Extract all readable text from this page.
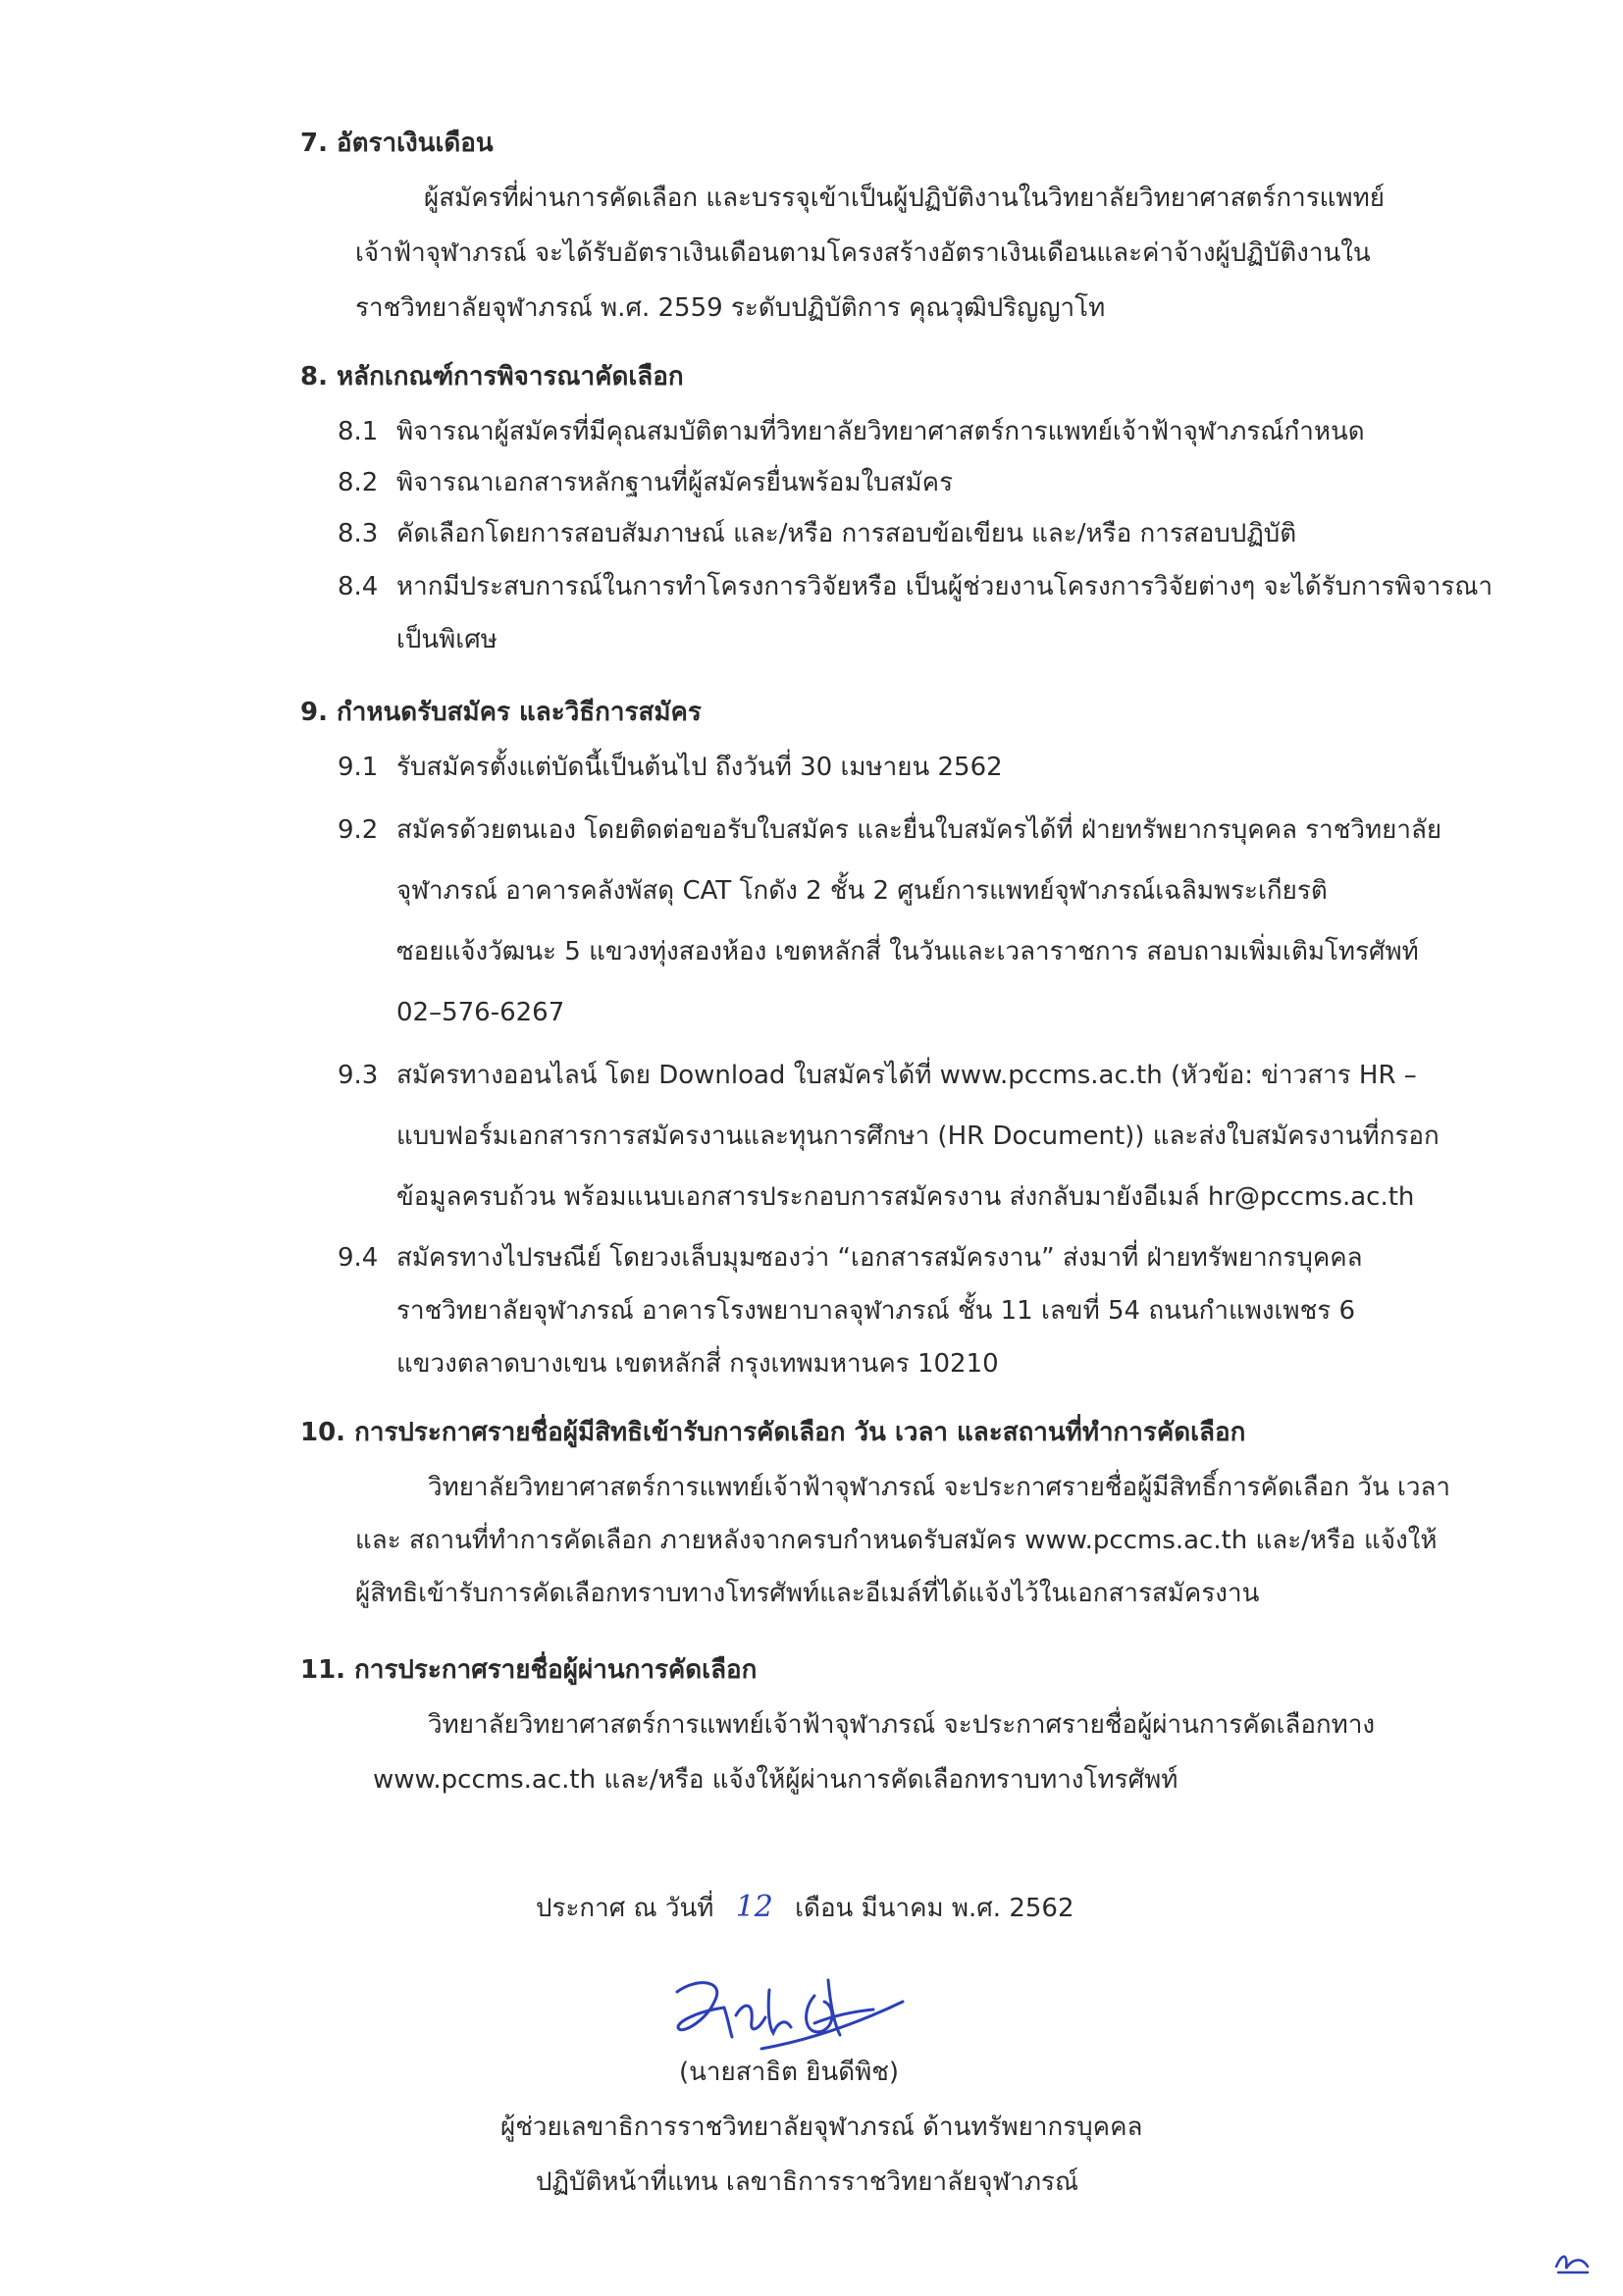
7. อัตราเงินเดือน
ผู้สมัครที่ผ่านการคัดเลือก และบรรจุเข้าเป็นผู้ปฏิบัติงานในวิทยาลัยวิทยาศาสตร์การแพทย์
เจ้าฟ้าจุฬาภรณ์ จะได้รับอัตราเงินเดือนตามโครงสร้างอัตราเงินเดือนและค่าจ้างผู้ปฏิบัติงานใน
ราชวิทยาลัยจุฬาภรณ์ พ.ศ. 2559 ระดับปฏิบัติการ คุณวุฒิปริญญาโท
8. หลักเกณฑ์การพิจารณาคัดเลือก
8.1 พิจารณาผู้สมัครที่มีคุณสมบัติตามที่วิทยาลัยวิทยาศาสตร์การแพทย์เจ้าฟ้าจุฬาภรณ์กำหนด
8.2 พิจารณาเอกสารหลักฐานที่ผู้สมัครยื่นพร้อมใบสมัคร
8.3 คัดเลือกโดยการสอบสัมภาษณ์ และ/หรือ การสอบข้อเขียน และ/หรือ การสอบปฏิบัติ
8.4 หากมีประสบการณ์ในการทำโครงการวิจัยหรือ เป็นผู้ช่วยงานโครงการวิจัยต่างๆ จะได้รับการพิจารณา
เป็นพิเศษ
9. กำหนดรับสมัคร และวิธีการสมัคร
9.1 รับสมัครตั้งแต่บัดนี้เป็นต้นไป ถึงวันที่ 30 เมษายน 2562
9.2 สมัครด้วยตนเอง โดยติดต่อขอรับใบสมัคร และยื่นใบสมัครได้ที่ ฝ่ายทรัพยากรบุคคล ราชวิทยาลัย
จุฬาภรณ์ อาคารคลังพัสดุ CAT โกดัง 2 ชั้น 2 ศูนย์การแพทย์จุฬาภรณ์เฉลิมพระเกียรติ
ซอยแจ้งวัฒนะ 5 แขวงทุ่งสองห้อง เขตหลักสี่ ในวันและเวลาราชการ สอบถามเพิ่มเติมโทรศัพท์
02–576-6267
9.3 สมัครทางออนไลน์ โดย Download ใบสมัครได้ที่ www.pccms.ac.th (หัวข้อ: ข่าวสาร HR –
แบบฟอร์มเอกสารการสมัครงานและทุนการศึกษา (HR Document)) และส่งใบสมัครงานที่กรอก
ข้อมูลครบถ้วน พร้อมแนบเอกสารประกอบการสมัครงาน ส่งกลับมายังอีเมล์ hr@pccms.ac.th
9.4 สมัครทางไปรษณีย์ โดยวงเล็บมุมซองว่า “เอกสารสมัครงาน” ส่งมาที่ ฝ่ายทรัพยากรบุคคล
ราชวิทยาลัยจุฬาภรณ์ อาคารโรงพยาบาลจุฬาภรณ์ ชั้น 11 เลขที่ 54 ถนนกำแพงเพชร 6
แขวงตลาดบางเขน เขตหลักสี่ กรุงเทพมหานคร 10210
10. การประกาศรายชื่อผู้มีสิทธิเข้ารับการคัดเลือก วัน เวลา และสถานที่ทำการคัดเลือก
วิทยาลัยวิทยาศาสตร์การแพทย์เจ้าฟ้าจุฬาภรณ์ จะประกาศรายชื่อผู้มีสิทธิ์การคัดเลือก วัน เวลา
และ สถานที่ทำการคัดเลือก ภายหลังจากครบกำหนดรับสมัคร www.pccms.ac.th และ/หรือ แจ้งให้
ผู้สิทธิเข้ารับการคัดเลือกทราบทางโทรศัพท์และอีเมล์ที่ได้แจ้งไว้ในเอกสารสมัครงาน
11. การประกาศรายชื่อผู้ผ่านการคัดเลือก
วิทยาลัยวิทยาศาสตร์การแพทย์เจ้าฟ้าจุฬาภรณ์ จะประกาศรายชื่อผู้ผ่านการคัดเลือกทาง
www.pccms.ac.th และ/หรือ แจ้งให้ผู้ผ่านการคัดเลือกทราบทางโทรศัพท์
ประกาศ ณ วันที่ 12 เดือน มีนาคม พ.ศ. 2562
(นายสาธิต ยินดีพิช)
ผู้ช่วยเลขาธิการราชวิทยาลัยจุฬาภรณ์ ด้านทรัพยากรบุคคล
ปฏิบัติหน้าที่แทน เลขาธิการราชวิทยาลัยจุฬาภรณ์
